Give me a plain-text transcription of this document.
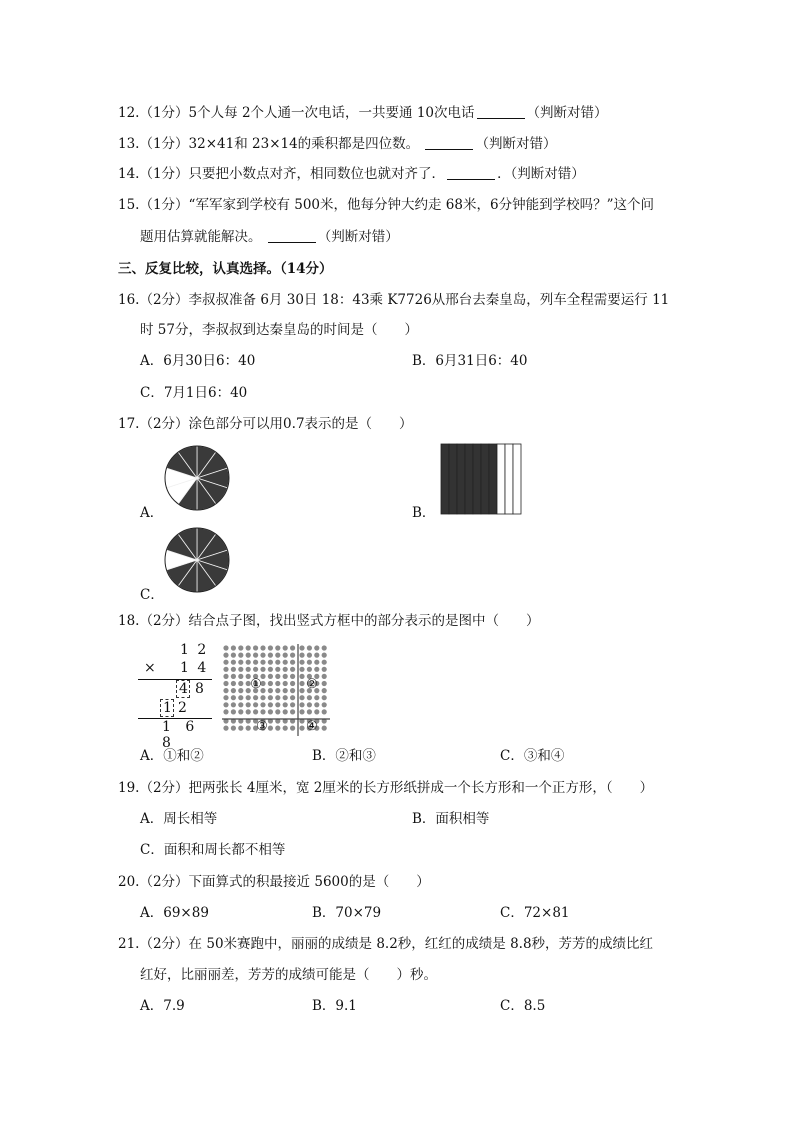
12.（1分）5个人每 2个人通一次电话，一共要通 10次电话	（判断对错）
13.（1分）32×41和 23×14的乘积都是四位数。	（判断对错）
14.（1分）只要把小数点对齐，相同数位也就对齐了．	．（判断对错）
15.（1分）“军军家到学校有 500米，他每分钟大约走 68米，6分钟能到学校吗？”这个问
题用估算就能解决。	（判断对错）
三、反复比较，认真选择。（14分）
16.（2分）李叔叔准备 6月 30日 18：43乘 K7726从邢台去秦皇岛，列车全程需要运行 11
时 57分，李叔叔到达秦皇岛的时间是（　　）
A．6月30日6：40	B．6月31日6：40
C．7月1日6：40
17.（2分）涂色部分可以用0.7表示的是（　　）
A．	B．
C．
18.（2分）结合点子图，找出竖式方框中的部分表示的是图中（　　）
1 2
× 1 4
4 8
1 2
1 6 8
①	②
③	④
A．①和②	B．②和③	C．③和④
19.（2分）把两张长 4厘米，宽 2厘米的长方形纸拼成一个长方形和一个正方形，（　　）
A．周长相等	B．面积相等
C．面积和周长都不相等
20.（2分）下面算式的积最接近 5600的是（　　）
A．69×89	B．70×79	C．72×81
21.（2分）在 50米赛跑中，丽丽的成绩是 8.2秒，红红的成绩是 8.8秒，芳芳的成绩比红
红好，比丽丽差，芳芳的成绩可能是（　　）秒。
A．7.9	B．9.1	C．8.5
